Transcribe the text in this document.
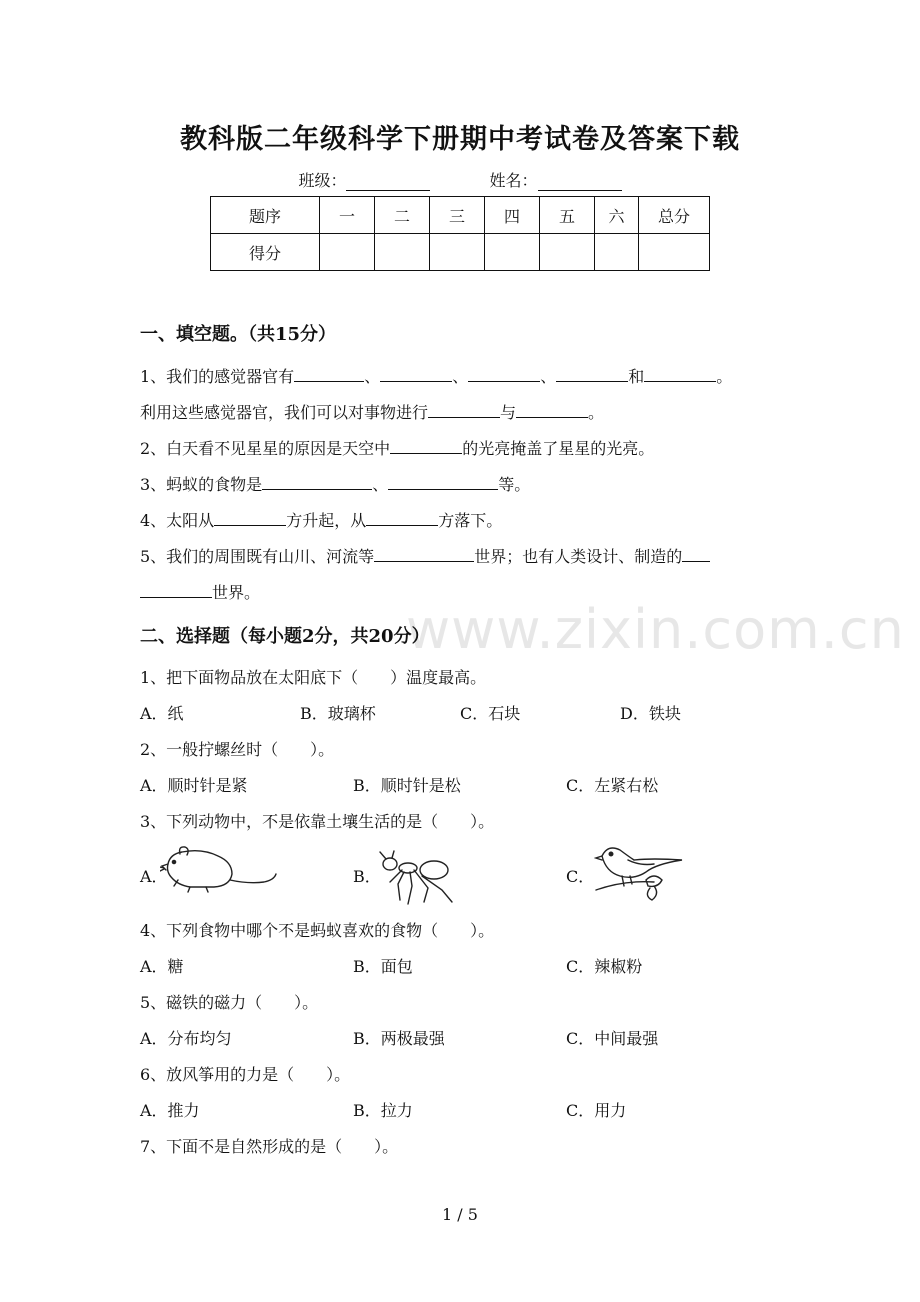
教科版二年级科学下册期中考试卷及答案下载
班级：	姓名：
题序	一	二	三	四	五	六	总分
得分							
www.zixin.com.cn
一、填空题。（共15分）
1、我们的感觉器官有	、	、	、	和	。
利用这些感觉器官，我们可以对事物进行	与	。
2、白天看不见星星的原因是天空中	的光亮掩盖了星星的光亮。
3、蚂蚁的食物是	、	等。
4、太阳从	方升起，从	方落下。
5、我们的周围既有山川、河流等	世界；也有人类设计、制造的
世界。
二、选择题（每小题2分，共20分）
1、把下面物品放在太阳底下（　　）温度最高。
A．纸	B．玻璃杯	C．石块	D．铁块
2、一般拧螺丝时（　　）。
A．顺时针是紧	B．顺时针是松	C．左紧右松
3、下列动物中，不是依靠土壤生活的是（　　）。
A．	B．	C．
4、下列食物中哪个不是蚂蚁喜欢的食物（　　）。
A．糖	B．面包	C．辣椒粉
5、磁铁的磁力（　　）。
A．分布均匀	B．两极最强	C．中间最强
6、放风筝用的力是（　　）。
A．推力	B．拉力	C．用力
7、下面不是自然形成的是（　　）。
1 / 5
